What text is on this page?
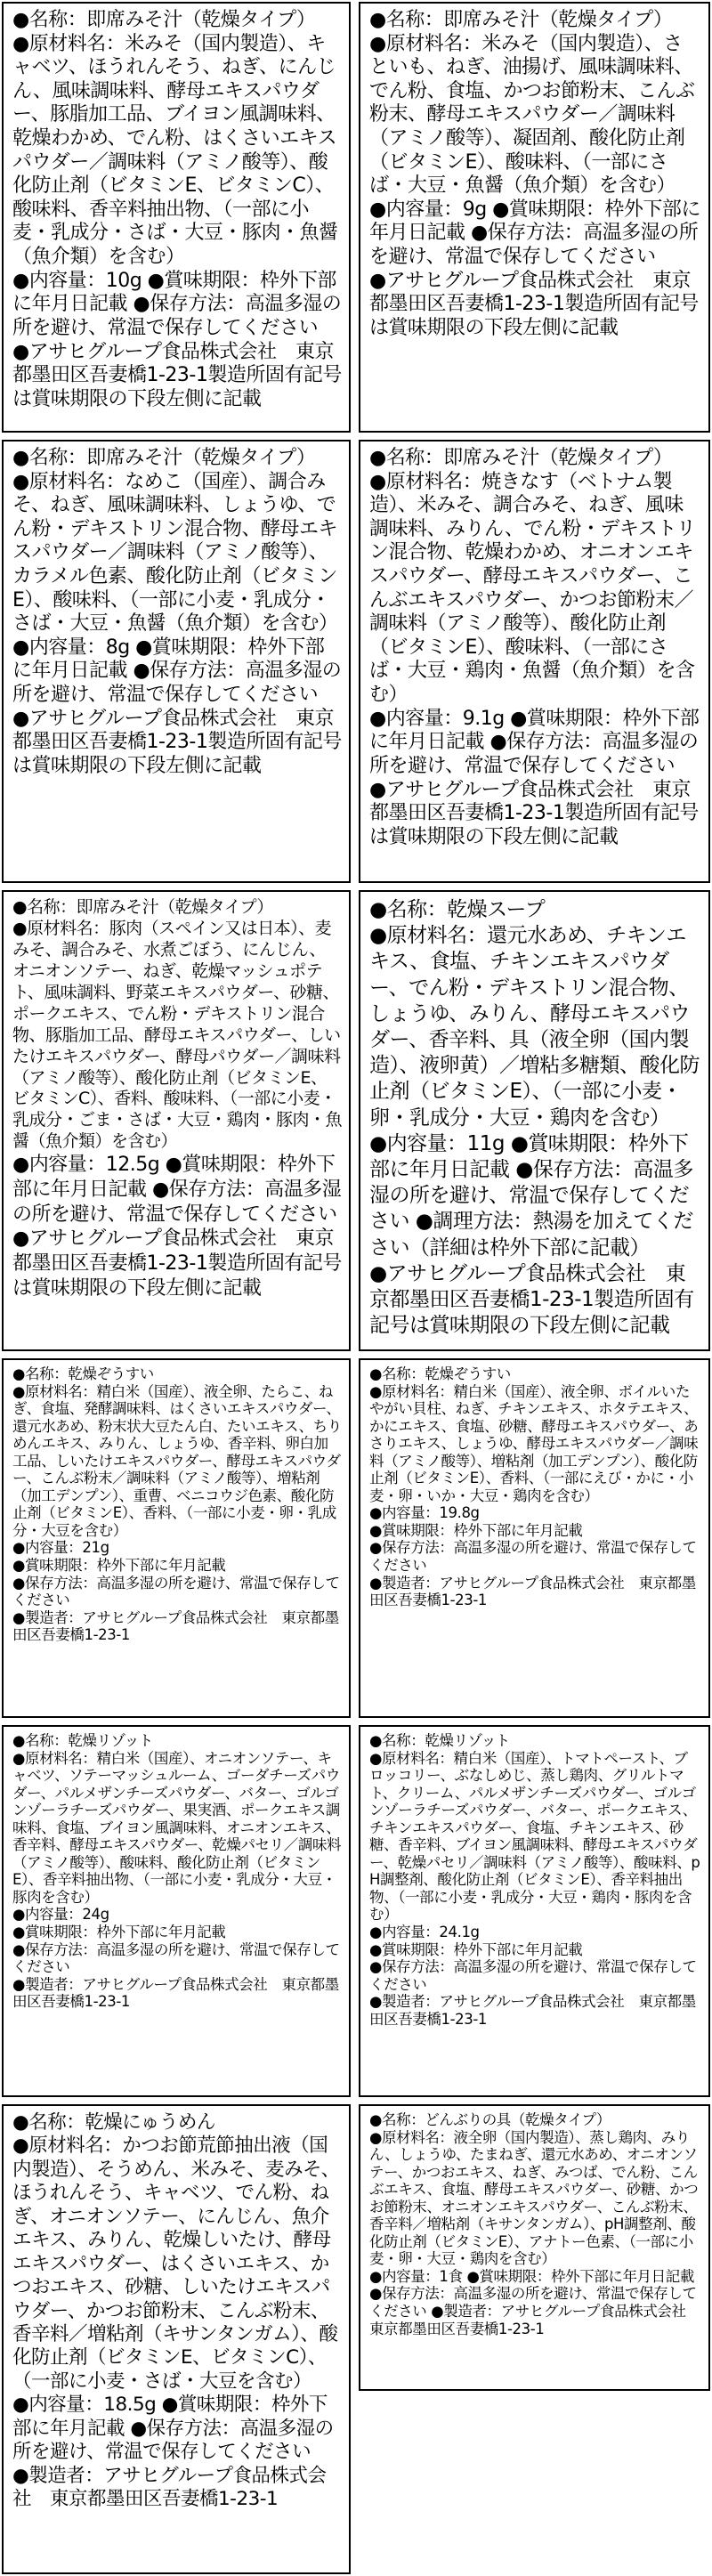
●名称：即席みそ汁（乾燥タイプ）

●原材料名：米みそ（国内製造）、キャベツ、ほうれんそう、ねぎ、にんじん、風味調味料、酵母エキスパウダー、豚脂加工品、ブイヨン風調味料、乾燥わかめ、でん粉、はくさいエキスパウダー／調味料（アミノ酸等）、酸化防止剤（ビタミンE、ビタミンC）、酸味料、香辛料抽出物、（一部に小麦・乳成分・さば・大豆・豚肉・魚醤（魚介類）を含む）

●内容量：10g ●賞味期限：枠外下部に年月日記載 ●保存方法：高温多湿の所を避け、常温で保存してください

●アサヒグループ食品株式会社　東京都墨田区吾妻橋1-23-1製造所固有記号は賞味期限の下段左側に記載

●名称：即席みそ汁（乾燥タイプ）

●原材料名：米みそ（国内製造）、さといも、ねぎ、油揚げ、風味調味料、でん粉、食塩、かつお節粉末、こんぶ粉末、酵母エキスパウダー／調味料（アミノ酸等）、凝固剤、酸化防止剤（ビタミンE）、酸味料、（一部にさば・大豆・魚醤（魚介類）を含む）

●内容量：9g ●賞味期限：枠外下部に年月日記載 ●保存方法：高温多湿の所を避け、常温で保存してください

●アサヒグループ食品株式会社　東京都墨田区吾妻橋1-23-1製造所固有記号は賞味期限の下段左側に記載

●名称：即席みそ汁（乾燥タイプ）

●原材料名：なめこ（国産）、調合みそ、ねぎ、風味調味料、しょうゆ、でん粉・デキストリン混合物、酵母エキスパウダー／調味料（アミノ酸等）、カラメル色素、酸化防止剤（ビタミンE）、酸味料、（一部に小麦・乳成分・さば・大豆・魚醤（魚介類）を含む）

●内容量：8g ●賞味期限：枠外下部に年月日記載 ●保存方法：高温多湿の所を避け、常温で保存してください

●アサヒグループ食品株式会社　東京都墨田区吾妻橋1-23-1製造所固有記号は賞味期限の下段左側に記載

●名称：即席みそ汁（乾燥タイプ）

●原材料名：焼きなす（ベトナム製造）、米みそ、調合みそ、ねぎ、風味調味料、みりん、でん粉・デキストリン混合物、乾燥わかめ、オニオンエキスパウダー、酵母エキスパウダー、こんぶエキスパウダー、かつお節粉末／調味料（アミノ酸等）、酸化防止剤（ビタミンE）、酸味料、（一部にさば・大豆・鶏肉・魚醤（魚介類）を含む）

●内容量：9.1g ●賞味期限：枠外下部に年月日記載 ●保存方法：高温多湿の所を避け、常温で保存してください

●アサヒグループ食品株式会社　東京都墨田区吾妻橋1-23-1製造所固有記号は賞味期限の下段左側に記載

●名称：即席みそ汁（乾燥タイプ）

●原材料名：豚肉（スペイン又は日本）、麦みそ、調合みそ、水煮ごぼう、にんじん、オニオンソテー、ねぎ、乾燥マッシュポテト、風味調料、野菜エキスパウダー、砂糖、ポークエキス、でん粉・デキストリン混合物、豚脂加工品、酵母エキスパウダー、しいたけエキスパウダー、酵母パウダー／調味料（アミノ酸等）、酸化防止剤（ビタミンE、ビタミンC）、香料、酸味料、（一部に小麦・乳成分・ごま・さば・大豆・鶏肉・豚肉・魚醤（魚介類）を含む）

●内容量：12.5g ●賞味期限：枠外下部に年月日記載 ●保存方法：高温多湿の所を避け、常温で保存してください

●アサヒグループ食品株式会社　東京都墨田区吾妻橋1-23-1製造所固有記号は賞味期限の下段左側に記載

●名称：乾燥スープ

●原材料名：還元水あめ、チキンエキス、食塩、チキンエキスパウダー、でん粉・デキストリン混合物、しょうゆ、みりん、酵母エキスパウダー、香辛料、具（液全卵（国内製造）、液卵黄）／増粘多糖類、酸化防止剤（ビタミンE）、（一部に小麦・卵・乳成分・大豆・鶏肉を含む）

●内容量：11g ●賞味期限：枠外下部に年月日記載 ●保存方法：高温多湿の所を避け、常温で保存してください ●調理方法：熱湯を加えてください（詳細は枠外下部に記載）

●アサヒグループ食品株式会社　東京都墨田区吾妻橋1-23-1製造所固有記号は賞味期限の下段左側に記載

●名称：乾燥ぞうすい

●原材料名：精白米（国産）、液全卵、たらこ、ねぎ、食塩、発酵調味料、はくさいエキスパウダー、還元水あめ、粉末状大豆たん白、たいエキス、ちりめんエキス、みりん、しょうゆ、香辛料、卵白加工品、しいたけエキスパウダー、酵母エキスパウダー、こんぶ粉末／調味料（アミノ酸等）、増粘剤（加工デンプン）、重曹、ベニコウジ色素、酸化防止剤（ビタミンE）、香料、（一部に小麦・卵・乳成分・大豆を含む）

●内容量：21g

●賞味期限：枠外下部に年月記載

●保存方法：高温多湿の所を避け、常温で保存してください

●製造者：アサヒグループ食品株式会社　東京都墨田区吾妻橋1-23-1

●名称：乾燥ぞうすい

●原材料名：精白米（国産）、液全卵、ボイルいたやがい貝柱、ねぎ、チキンエキス、ホタテエキス、かにエキス、食塩、砂糖、酵母エキスパウダー、あさりエキス、しょうゆ、酵母エキスパウダー／調味料（アミノ酸等）、増粘剤（加工デンプン）、酸化防止剤（ビタミンE）、香料、（一部にえび・かに・小麦・卵・いか・大豆・鶏肉を含む）

●内容量：19.8g

●賞味期限：枠外下部に年月記載

●保存方法：高温多湿の所を避け、常温で保存してください

●製造者：アサヒグループ食品株式会社　東京都墨田区吾妻橋1-23-1

●名称：乾燥リゾット

●原材料名：精白米（国産）、オニオンソテー、キャベツ、ソテーマッシュルーム、ゴーダチーズパウダー、パルメザンチーズパウダー、バター、ゴルゴンゾーラチーズパウダー、果実酒、ポークエキス調味料、食塩、ブイヨン風調味料、オニオンエキス、香辛料、酵母エキスパウダー、乾燥パセリ／調味料（アミノ酸等）、酸味料、酸化防止剤（ビタミンE）、香辛料抽出物、（一部に小麦・乳成分・大豆・豚肉を含む）

●内容量：24g

●賞味期限：枠外下部に年月記載

●保存方法：高温多湿の所を避け、常温で保存してください

●製造者：アサヒグループ食品株式会社　東京都墨田区吾妻橋1-23-1

●名称：乾燥リゾット

●原材料名：精白米（国産）、トマトペースト、ブロッコリー、ぶなしめじ、蒸し鶏肉、グリルトマト、クリーム、パルメザンチーズパウダー、ゴルゴンゾーラチーズパウダー、バター、ポークエキス、チキンエキスパウダー、食塩、チキンエキス、砂糖、香辛料、ブイヨン風調味料、酵母エキスパウダー、乾燥パセリ／調味料（アミノ酸等）、酸味料、pH調整剤、酸化防止剤（ビタミンE）、香辛料抽出物、（一部に小麦・乳成分・大豆・鶏肉・豚肉を含む）

●内容量：24.1g

●賞味期限：枠外下部に年月記載

●保存方法：高温多湿の所を避け、常温で保存してください

●製造者：アサヒグループ食品株式会社　東京都墨田区吾妻橋1-23-1

●名称：乾燥にゅうめん

●原材料名：かつお節荒節抽出液（国内製造）、そうめん、米みそ、麦みそ、ほうれんそう、キャベツ、でん粉、ねぎ、オニオンソテー、にんじん、魚介エキス、みりん、乾燥しいたけ、酵母エキスパウダー、はくさいエキス、かつおエキス、砂糖、しいたけエキスパウダー、かつお節粉末、こんぶ粉末、香辛料／増粘剤（キサンタンガム）、酸化防止剤（ビタミンE、ビタミンC）、（一部に小麦・さば・大豆を含む）

●内容量：18.5g ●賞味期限：枠外下部に年月記載 ●保存方法：高温多湿の所を避け、常温で保存してください

●製造者：アサヒグループ食品株式会社　東京都墨田区吾妻橋1-23-1

●名称：どんぶりの具（乾燥タイプ）

●原材料名：液全卵（国内製造）、蒸し鶏肉、みりん、しょうゆ、たまねぎ、還元水あめ、オニオンソテー、かつおエキス、ねぎ、みつば、でん粉、こんぶエキス、食塩、酵母エキスパウダー、砂糖、かつお節粉末、オニオンエキスパウダー、こんぶ粉末、香辛料／増粘剤（キサンタンガム）、pH調整剤、酸化防止剤（ビタミンE）、アナトー色素、（一部に小麦・卵・大豆・鶏肉を含む）

●内容量：1食 ●賞味期限：枠外下部に年月日記載 ●保存方法：高温多湿の所を避け、常温で保存してください ●製造者：アサヒグループ食品株式会社　東京都墨田区吾妻橋1-23-1
